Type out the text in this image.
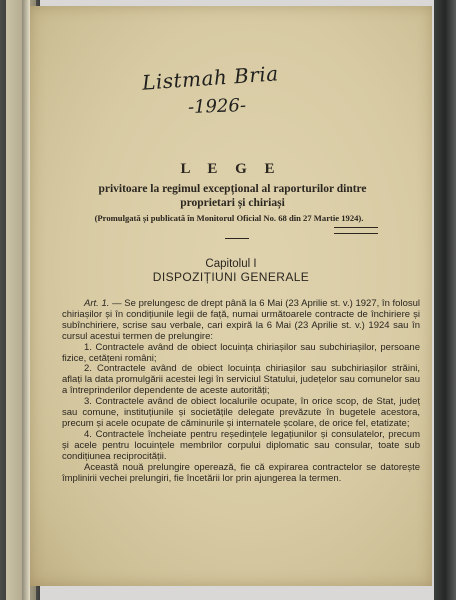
Listmah Bria
-1926-
L E G E
privitoare la regimul excepțional al raporturilor dintre
proprietari și chiriași
(Promulgată și publicată în Monitorul Oficial No. 68 din 27 Martie 1924).
Capitolul I
DISPOZIȚIUNI GENERALE

Art. 1. — Se prelungesc de drept până la 6 Mai (23 Aprilie st. v.) 1927, în folosul chiriașilor și în condițiunile legii de față, numai următoarele contracte de închiriere și subînchiriere, scrise sau verbale, cari expiră la 6 Mai (23 Aprilie st. v.) 1924 sau în cursul acestui termen de prelungire:

1. Contractele având de obiect locuința chiriașilor sau subchiriașilor, persoane fizice, cetățeni români;

2. Contractele având de obiect locuința chiriașilor sau subchiriașilor străini, aflați la data promulgării acestei legi în serviciul Statului, județelor sau comunelor sau a întreprinderilor dependente de aceste autorități;

3. Contractele având de obiect localurile ocupate, în orice scop, de Stat, județ sau comune, instituțiunile și societățile delegate prevăzute în bugetele acestora, precum și acele ocupate de căminurile și internatele școlare, de orice fel, etatizate;

4. Contractele încheiate pentru reședințele legațiunilor și consulatelor, precum și acele pentru locuințele membrilor corpului diplomatic sau consular, toate sub condițiunea reciprocității.

Această nouă prelungire operează, fie că expirarea contractelor se datorește împlinirii vechei prelungiri, fie încetării lor prin ajungerea la termen.
